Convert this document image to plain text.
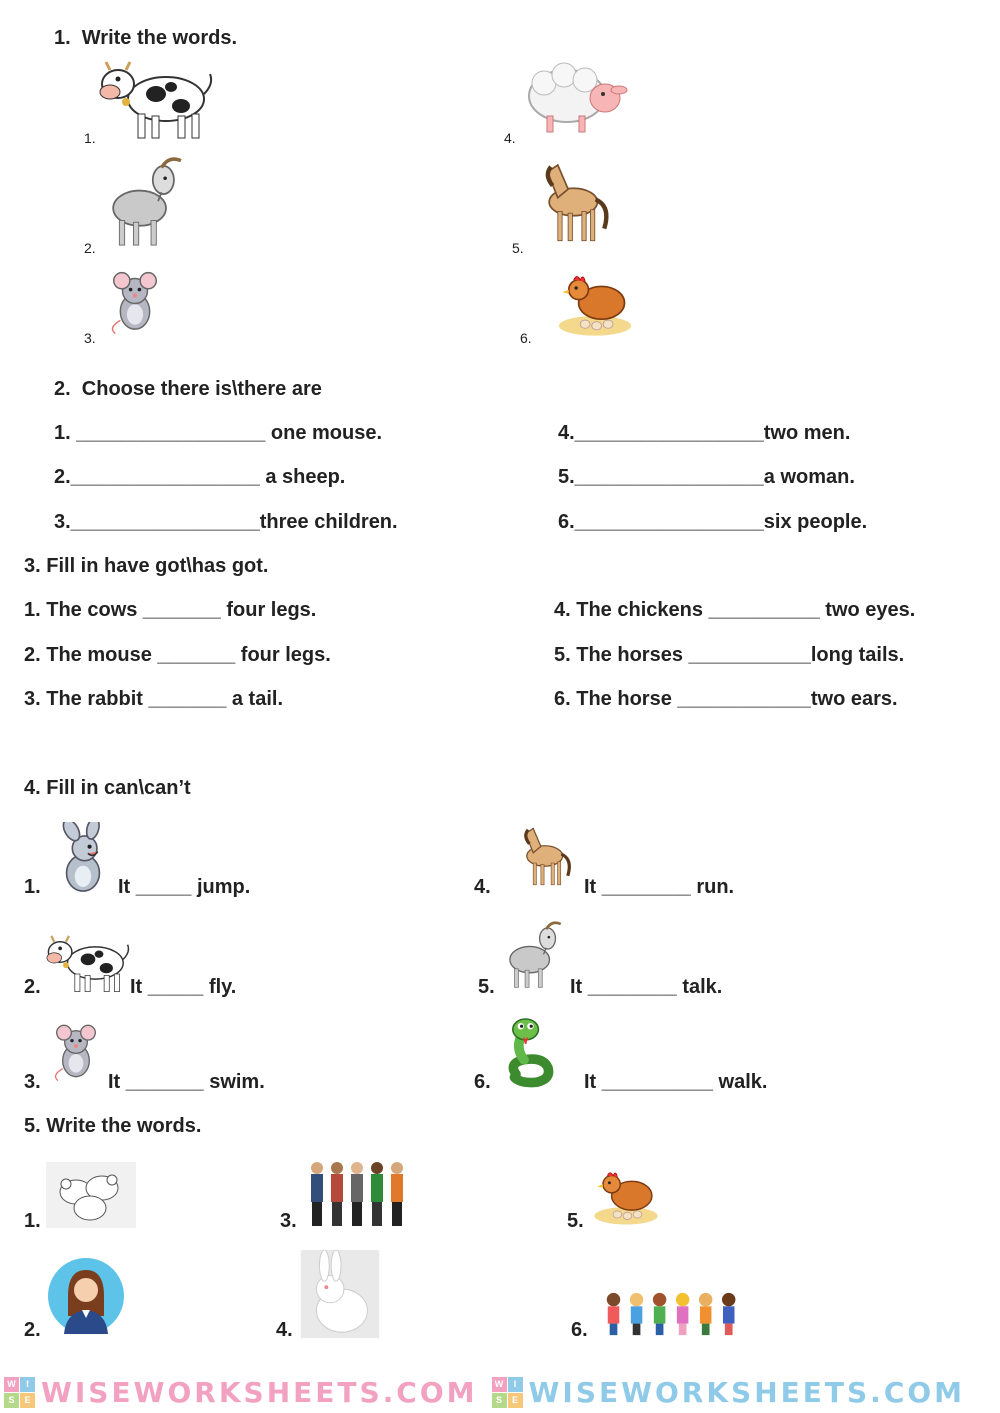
1.  Write the words.
1.
2.
3.
4.
5.
6.
2.  Choose there is\there are
1. _________________ one mouse.
2._________________ a sheep.
3._________________three children.
4._________________two men.
5._________________a woman.
6._________________six people.
3. Fill in have got\has got.
1. The cows _______ four legs.
2. The mouse _______ four legs.
3. The rabbit _______ a tail.
4. The chickens __________ two eyes.
5. The horses ___________long tails.
6. The horse ____________two ears.
4. Fill in can\can’t
1.	It _____ jump.
2.	It _____ fly.
3.	It _______ swim.
4.	It ________ run.
5.	It ________ talk.
6.	It __________ walk.
5. Write the words.
1.
2.
3.
4.
5.
6.
W	I
S	E WISEWORKSHEETS.COM	W	I
S	E WISEWORKSHEETS.COM
